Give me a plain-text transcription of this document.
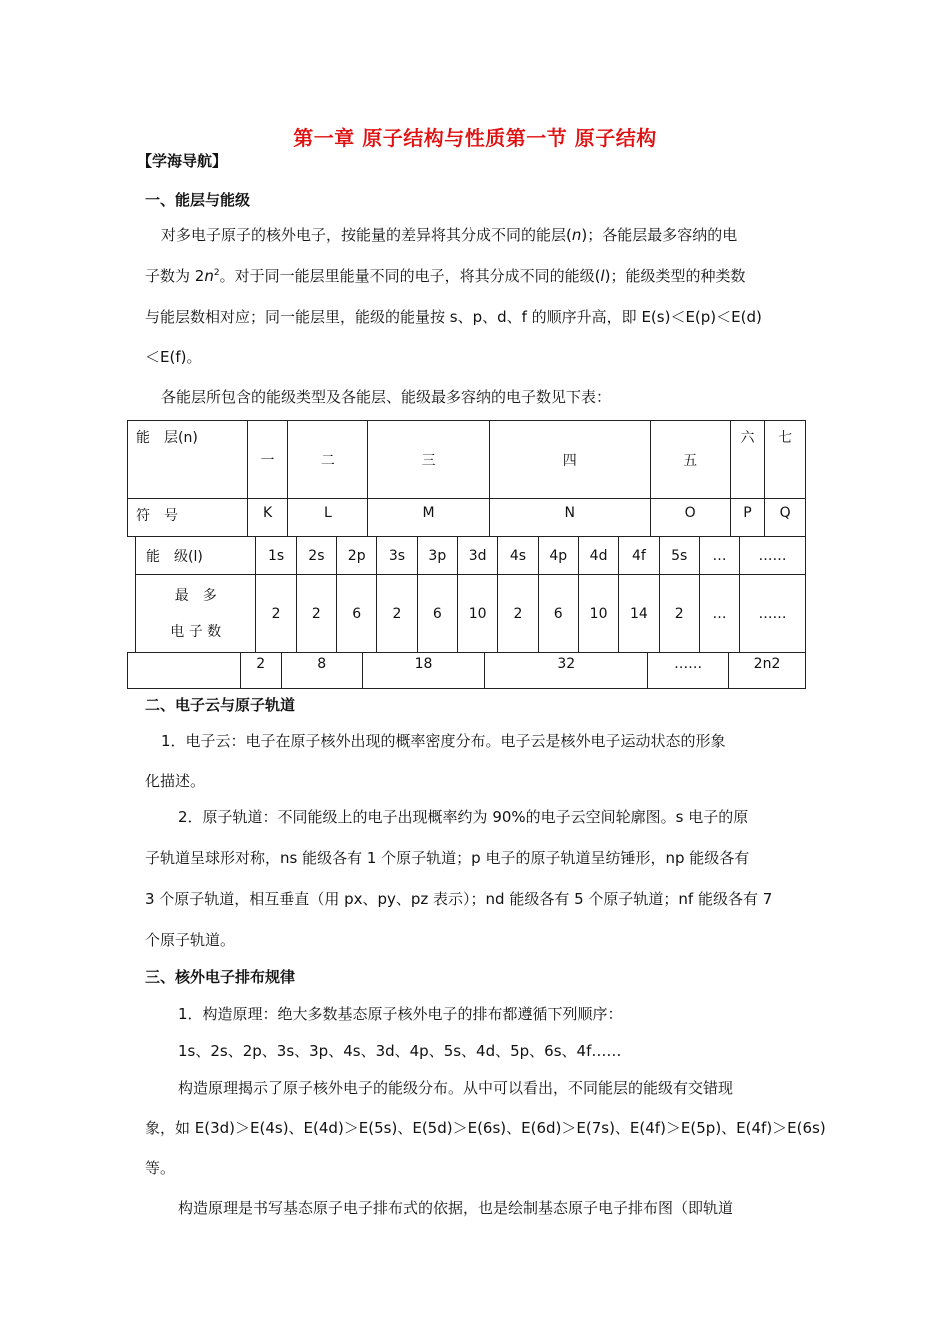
第一章 原子结构与性质第一节 原子结构
【学海导航】
一、能层与能级
对多电子原子的核外电子，按能量的差异将其分成不同的能层(n)；各能层最多容纳的电
子数为 $2n^2$。对于同一能层里能量不同的电子，将其分成不同的能级(l)；能级类型的种类数
与能层数相对应；同一能层里，能级的能量按 s、p、d、f 的顺序升高，即 E(s)＜E(p)＜E(d)
＜E(f)。
各能层所包含的能级类型及各能层、能级最多容纳的电子数见下表：
能　层(n)	一	二	三	四	五	六	七
符　号	K	L	M	N	O	P	Q
能　级(l)	1s	2s	2p	3s	3p	3d	4s	4p	4d	4f	5s	…	……

最　多
电 子 数	2	2	6	2	6	10	2	6	10	14	2	…	……
	2	8	18	32	……	2n2
二、电子云与原子轨道
1．电子云：电子在原子核外出现的概率密度分布。电子云是核外电子运动状态的形象
化描述。
2．原子轨道：不同能级上的电子出现概率约为 90%的电子云空间轮廓图。s 电子的原
子轨道呈球形对称，ns 能级各有 1 个原子轨道；p 电子的原子轨道呈纺锤形，np 能级各有
3 个原子轨道，相互垂直（用 px、py、pz 表示）；nd 能级各有 5 个原子轨道；nf 能级各有 7
个原子轨道。
三、核外电子排布规律
1．构造原理：绝大多数基态原子核外电子的排布都遵循下列顺序：
1s、2s、2p、3s、3p、4s、3d、4p、5s、4d、5p、6s、4f……
构造原理揭示了原子核外电子的能级分布。从中可以看出，不同能层的能级有交错现
象，如 E(3d)＞E(4s)、E(4d)＞E(5s)、E(5d)＞E(6s)、E(6d)＞E(7s)、E(4f)＞E(5p)、E(4f)＞E(6s)
等。
构造原理是书写基态原子电子排布式的依据，也是绘制基态原子电子排布图（即轨道
